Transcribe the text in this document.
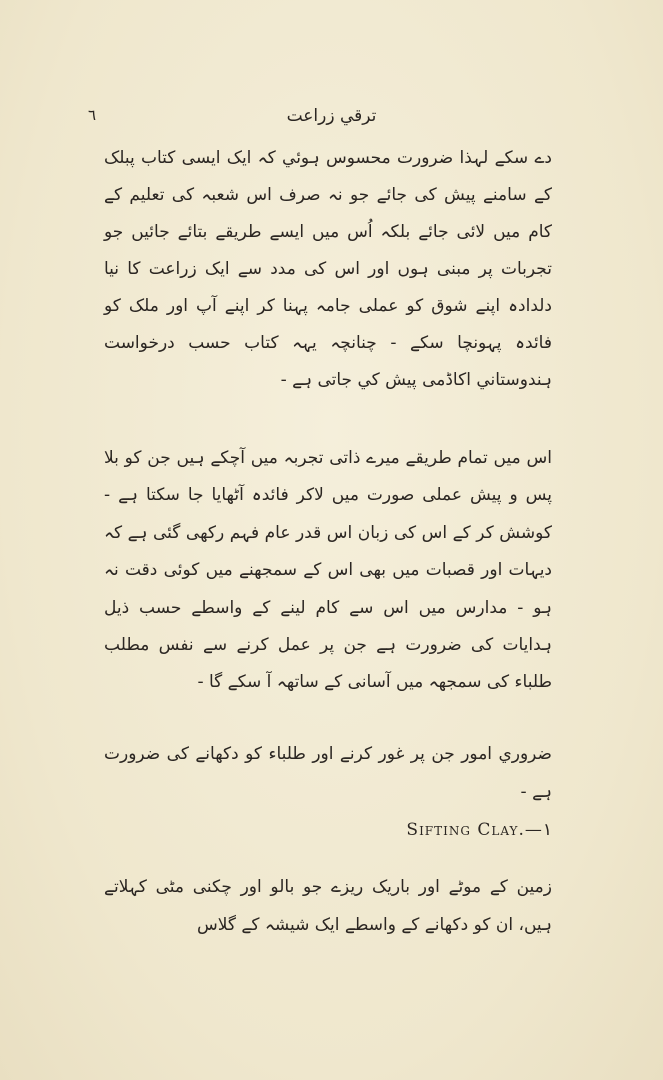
ترقي زراعت
٦
دے سکے لہذا ضرورت محسوس ہوئي کہ ایک ایسی کتاب پبلک کے سامنے پیش کی جائے جو نہ صرف اس شعبہ کی تعلیم کے کام میں لائی جائے بلکہ اُس میں ایسے طریقے بتائے جائیں جو تجربات پر مبنی ہوں اور اس کی مدد سے ایک زراعت کا نیا دلدادہ اپنے شوق کو عملی جامہ پہنا کر اپنے آپ اور ملک کو فائدہ پہونچا سکے - چنانچہ یہہ کتاب حسب درخواست ہندوستاني اکاڈمی پیش کي جاتی ہے -
اس میں تمام طریقے میرے ذاتی تجربہ میں آچکے ہیں جن کو بلا پس و پیش عملی صورت میں لاکر فائدہ آٹھایا جا سکتا ہے - کوشش کر کے اس کی زبان اس قدر عام فہم رکھی گئی ہے کہ دیہات اور قصبات میں بھی اس کے سمجھنے میں کوئی دقت نہ ہو - مدارس میں اس سے کام لینے کے واسطے حسب ذیل ہدایات کی ضرورت ہے جن پر عمل کرنے سے نفس مطلب طلباء کی سمجھہ میں آسانی کے ساتھہ آ سکے گا -
ضروري امور جن پر غور کرنے اور طلباء کو دکھانے کی ضرورت ہے -
Sifting Clay.—١
زمین کے موٹے اور باریک ریزے جو بالو اور چکنی مٹی کہلاتے ہیں، ان کو دکھانے کے واسطے ایک شیشہ کے گلاس
